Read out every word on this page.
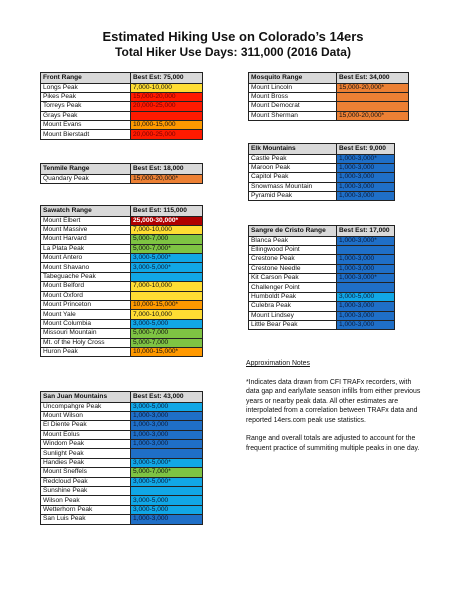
Estimated Hiking Use on Colorado’s 14ers
Total Hiker Use Days: 311,000 (2016 Data)
Front Range	Best Est: 75,000
Longs Peak	7,000-10,000
Pikes Peak	15,000-20,000
Torreys Peak	20,000-25,000
Grays Peak	
Mount Evans	10,000-15,000
Mount Bierstadt	20,000-25,000
Tenmile Range	Best Est: 18,000
Quandary Peak	15,000-20,000*
Sawatch Range	Best Est: 115,000
Mount Elbert	25,000-30,000*
Mount Massive	7,000-10,000
Mount Harvard	5,000-7,000
La Plata Peak	5,000-7,000*
Mount Antero	3,000-5,000*
Mount Shavano	3,000-5,000*
Tabeguache Peak	
Mount Belford	7,000-10,000
Mount Oxford	
Mount Princeton	10,000-15,000*
Mount Yale	7,000-10,000
Mount Columbia	3,000-5,000
Missouri Mountain	5,000-7,000
Mt. of the Holy Cross	5,000-7,000
Huron Peak	10,000-15,000*
San Juan Mountains	Best Est: 43,000
Uncompahgre Peak	3,000-5,000
Mount Wilson	1,000-3,000
El Diente Peak	1,000-3,000
Mount Eolus	1,000-3,000
Windom Peak	1,000-3,000
Sunlight Peak	
Handies Peak	3,000-5,000*
Mount Sneffels	5,000-7,000*
Redcloud Peak	3,000-5,000*
Sunshine Peak	
Wilson Peak	3,000-5,000
Wetterhorn Peak	3,000-5,000
San Luis Peak	1,000-3,000
Mosquito Range	Best Est: 34,000
Mount Lincoln	15,000-20,000*
Mount Bross	
Mount Democrat	
Mount Sherman	15,000-20,000*
Elk Mountains	Best Est: 9,000
Castle Peak	1,000-3,000*
Maroon Peak	1,000-3,000
Capitol Peak	1,000-3,000
Snowmass Mountain	1,000-3,000
Pyramid Peak	1,000-3,000
Sangre de Cristo Range	Best Est: 17,000
Blanca Peak	1,000-3,000*
Ellingwood Point	
Crestone Peak	1,000-3,000
Crestone Needle	1,000-3,000
Kit Carson Peak	1,000-3,000*
Challenger Point	
Humboldt Peak	3,000-5,000
Culebra Peak	1,000-3,000
Mount Lindsey	1,000-3,000
Little Bear Peak	1,000-3,000
Approximation Notes

*Indicates data drawn from CFI TRAFx recorders, with data gap and early/late season infills from either previous years or nearby peak data. All other estimates are interpolated from a correlation between TRAFx data and reported 14ers.com peak use statistics.

Range and overall totals are adjusted to account for the frequent practice of summiting multiple peaks in one day.
